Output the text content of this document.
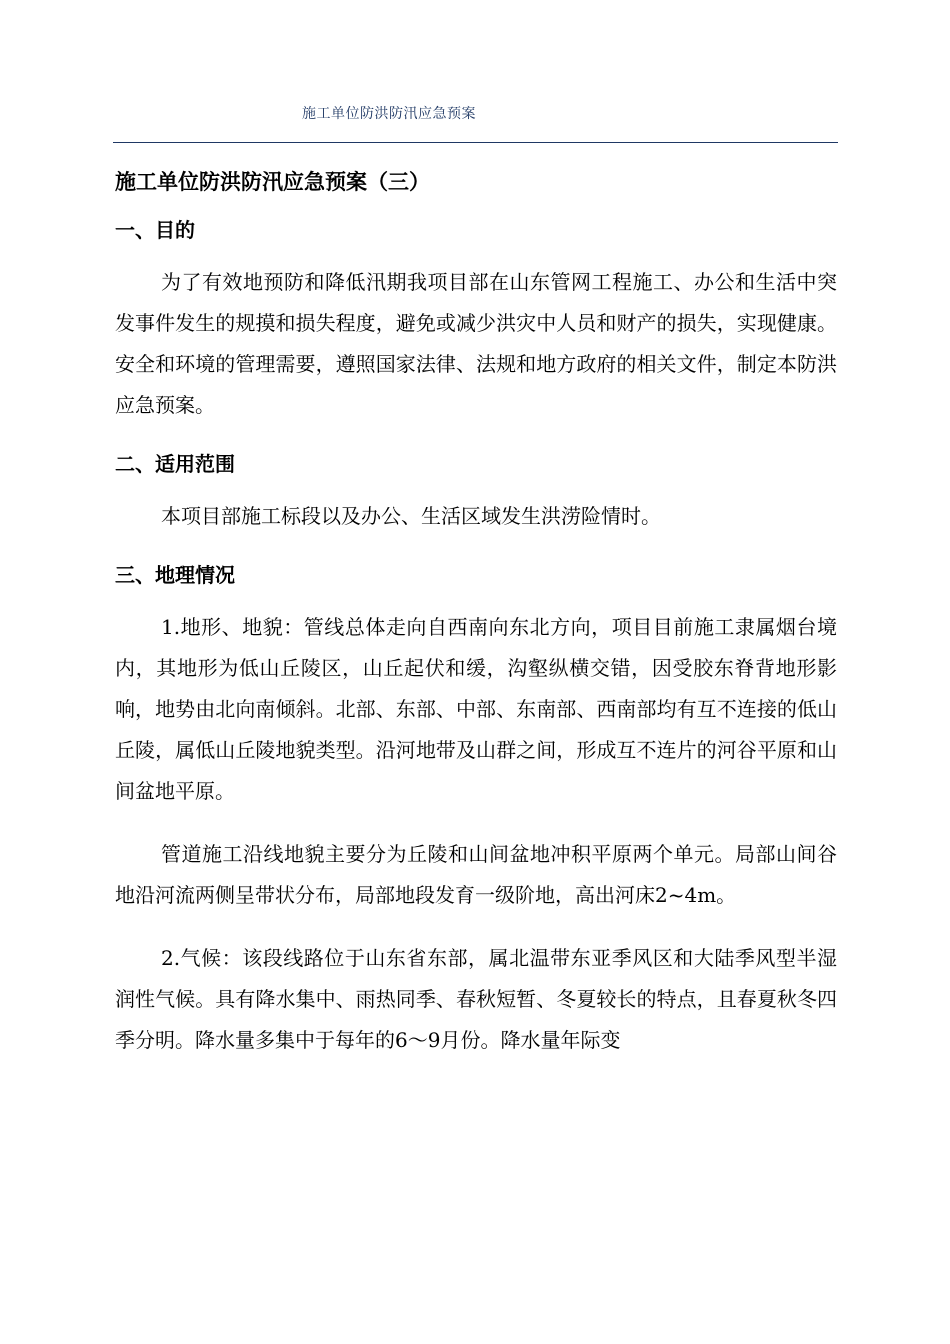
施工单位防洪防汛应急预案
施工单位防洪防汛应急预案（三）
一、目的

为了有效地预防和降低汛期我项目部在山东管网工程施工、办公和生活中突发事件发生的规摸和损失程度，避免或减少洪灾中人员和财产的损失，实现健康。安全和环境的管理需要，遵照国家法律、法规和地方政府的相关文件，制定本防洪应急预案。

二、适用范围

本项目部施工标段以及办公、生活区域发生洪涝险情时。

三、地理情况

1.地形、地貌：管线总体走向自西南向东北方向，项目目前施工隶属烟台境内，其地形为低山丘陵区，山丘起伏和缓，沟壑纵横交错，因受胶东脊背地形影响，地势由北向南倾斜。北部、东部、中部、东南部、西南部均有互不连接的低山丘陵，属低山丘陵地貌类型。沿河地带及山群之间，形成互不连片的河谷平原和山间盆地平原。

管道施工沿线地貌主要分为丘陵和山间盆地冲积平原两个单元。局部山间谷地沿河流两侧呈带状分布，局部地段发育一级阶地，高出河床2~4m。

2.气候：该段线路位于山东省东部，属北温带东亚季风区和大陆季风型半湿润性气候。具有降水集中、雨热同季、春秋短暂、冬夏较长的特点，且春夏秋冬四季分明。降水量多集中于每年的6～9月份。降水量年际变
